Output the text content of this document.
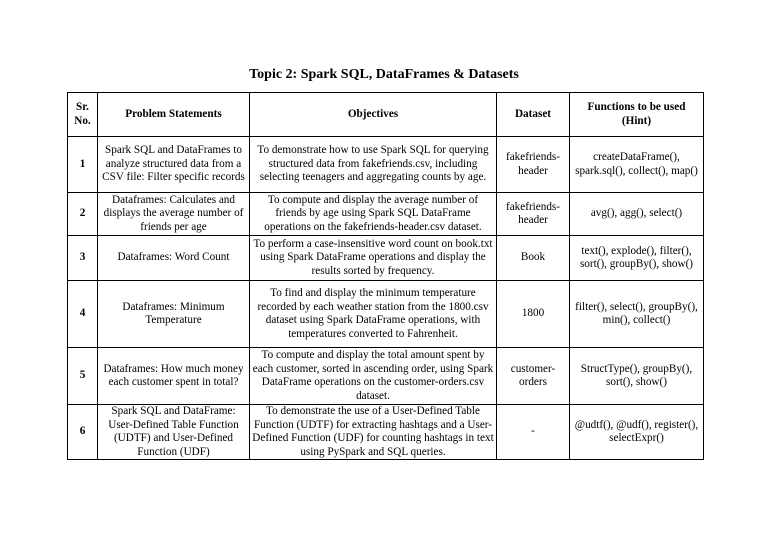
Topic 2: Spark SQL, DataFrames & Datasets
Sr. No.	Problem Statements	Objectives	Dataset	Functions to be used (Hint)
1	Spark SQL and DataFrames to analyze structured data from a CSV file: Filter specific records	To demonstrate how to use Spark SQL for querying structured data from fakefriends.csv, including selecting teenagers and aggregating counts by age.	fakefriends-header	createDataFrame(), spark.sql(), collect(), map()
2	Dataframes: Calculates and displays the average number of friends per age	To compute and display the average number of friends by age using Spark SQL DataFrame operations on the fakefriends-header.csv dataset.	fakefriends-header	avg(), agg(), select()
3	Dataframes: Word Count	To perform a case-insensitive word count on book.txt using Spark DataFrame operations and display the results sorted by frequency.	Book	text(), explode(), filter(), sort(), groupBy(), show()
4	Dataframes: Minimum Temperature	To find and display the minimum temperature recorded by each weather station from the 1800.csv dataset using Spark DataFrame operations, with temperatures converted to Fahrenheit.	1800	filter(), select(), groupBy(), min(), collect()
5	Dataframes: How much money each customer spent in total?	To compute and display the total amount spent by each customer, sorted in ascending order, using Spark DataFrame operations on the customer-orders.csv dataset.	customer-orders	StructType(), groupBy(), sort(), show()
6	Spark SQL and DataFrame: User-Defined Table Function (UDTF) and User-Defined Function (UDF)	To demonstrate the use of a User-Defined Table Function (UDTF) for extracting hashtags and a User-Defined Function (UDF) for counting hashtags in text using PySpark and SQL queries.	-	@udtf(), @udf(), register(), selectExpr()
